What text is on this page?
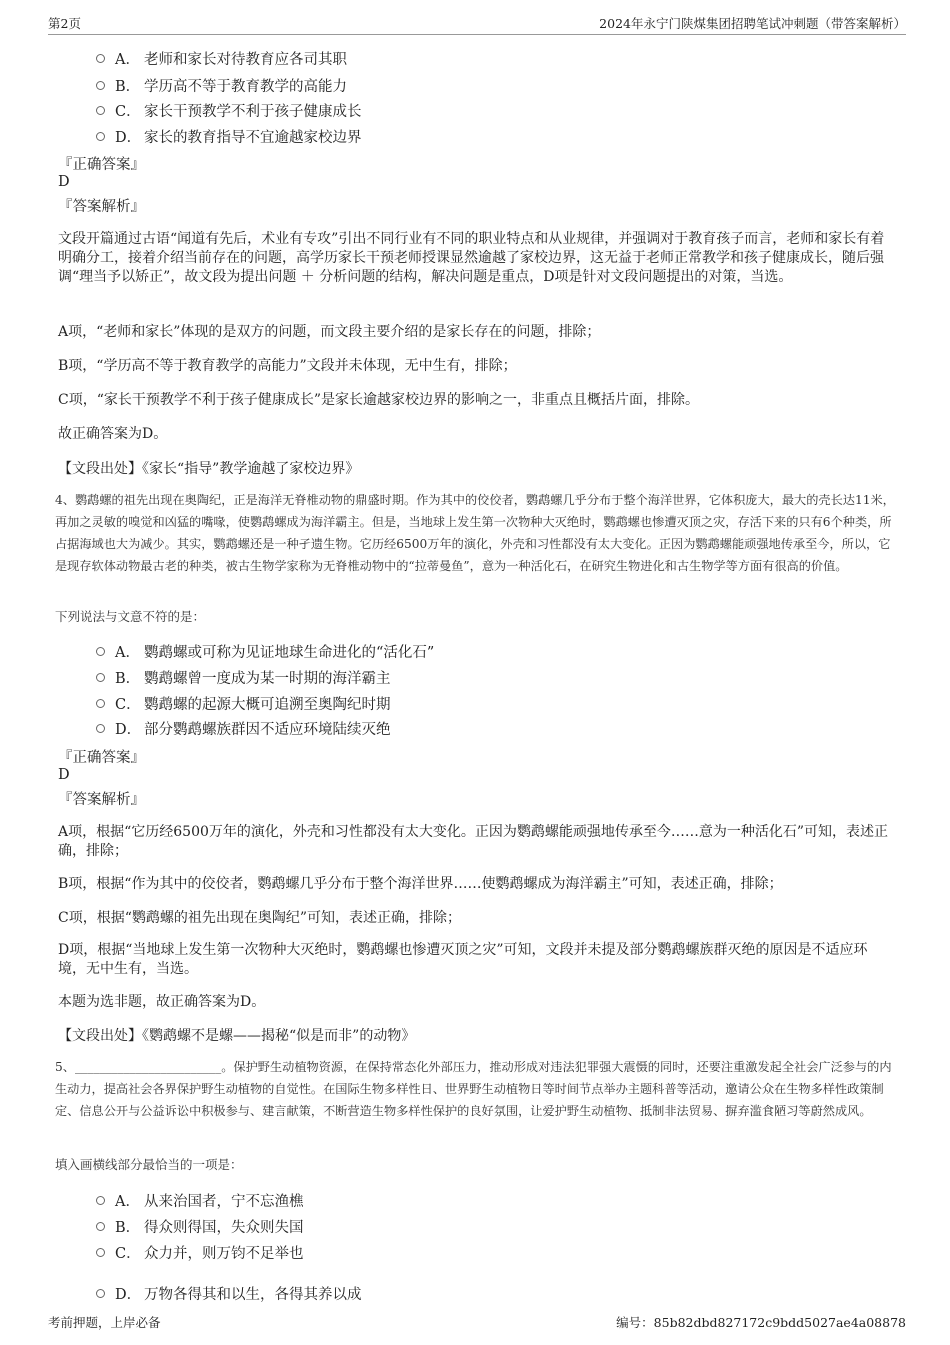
第2页	2024年永宁门陕煤集团招聘笔试冲刺题（带答案解析）
A． 老师和家长对待教育应各司其职
B． 学历高不等于教育教学的高能力
C． 家长干预教学不利于孩子健康成长
D． 家长的教育指导不宜逾越家校边界
『正确答案』
D
『答案解析』
文段开篇通过古语“闻道有先后，术业有专攻”引出不同行业有不同的职业特点和从业规律，并强调对于教育孩子而言，老师和家长有着明确分工，接着介绍当前存在的问题，高学历家长干预老师授课显然逾越了家校边界，这无益于老师正常教学和孩子健康成长，随后强调“理当予以矫正”，故文段为提出问题 ＋ 分析问题的结构，解决问题是重点，D项是针对文段问题提出的对策，当选。
A项，“老师和家长”体现的是双方的问题，而文段主要介绍的是家长存在的问题，排除；
B项，“学历高不等于教育教学的高能力”文段并未体现，无中生有，排除；
C项，“家长干预教学不利于孩子健康成长”是家长逾越家校边界的影响之一，非重点且概括片面，排除。
故正确答案为D。
【文段出处】《家长“指导”教学逾越了家校边界》
4、鹦鹉螺的祖先出现在奥陶纪，正是海洋无脊椎动物的鼎盛时期。作为其中的佼佼者，鹦鹉螺几乎分布于整个海洋世界，它体积庞大，最大的壳长达11米，再加之灵敏的嗅觉和凶猛的嘴喙，使鹦鹉螺成为海洋霸主。但是，当地球上发生第一次物种大灭绝时，鹦鹉螺也惨遭灭顶之灾，存活下来的只有6个种类，所占据海域也大为减少。其实，鹦鹉螺还是一种孑遗生物。它历经6500万年的演化，外壳和习性都没有太大变化。正因为鹦鹉螺能顽强地传承至今，所以，它是现存软体动物最古老的种类，被古生物学家称为无脊椎动物中的“拉蒂曼鱼”，意为一种活化石，在研究生物进化和古生物学等方面有很高的价值。
下列说法与文意不符的是：
A． 鹦鹉螺或可称为见证地球生命进化的“活化石”
B． 鹦鹉螺曾一度成为某一时期的海洋霸主
C． 鹦鹉螺的起源大概可追溯至奥陶纪时期
D． 部分鹦鹉螺族群因不适应环境陆续灭绝
『正确答案』
D
『答案解析』
A项，根据“它历经6500万年的演化，外壳和习性都没有太大变化。正因为鹦鹉螺能顽强地传承至今……意为一种活化石”可知，表述正确，排除；
B项，根据“作为其中的佼佼者，鹦鹉螺几乎分布于整个海洋世界……使鹦鹉螺成为海洋霸主”可知，表述正确，排除；
C项，根据“鹦鹉螺的祖先出现在奥陶纪”可知，表述正确，排除；
D项，根据“当地球上发生第一次物种大灭绝时，鹦鹉螺也惨遭灭顶之灾”可知，文段并未提及部分鹦鹉螺族群灭绝的原因是不适应环境，无中生有，当选。
本题为选非题，故正确答案为D。
【文段出处】《鹦鹉螺不是螺——揭秘“似是而非”的动物》
5、________________________。保护野生动植物资源，在保持常态化外部压力，推动形成对违法犯罪强大震慑的同时，还要注重激发起全社会广泛参与的内生动力，提高社会各界保护野生动植物的自觉性。在国际生物多样性日、世界野生动植物日等时间节点举办主题科普等活动，邀请公众在生物多样性政策制定、信息公开与公益诉讼中积极参与、建言献策，不断营造生物多样性保护的良好氛围，让爱护野生动植物、抵制非法贸易、摒弃滥食陋习等蔚然成风。
填入画横线部分最恰当的一项是：
A． 从来治国者，宁不忘渔樵
B． 得众则得国，失众则失国
C． 众力并，则万钧不足举也
D． 万物各得其和以生，各得其养以成
考前押题，上岸必备	编号：85b82dbd827172c9bdd5027ae4a08878
